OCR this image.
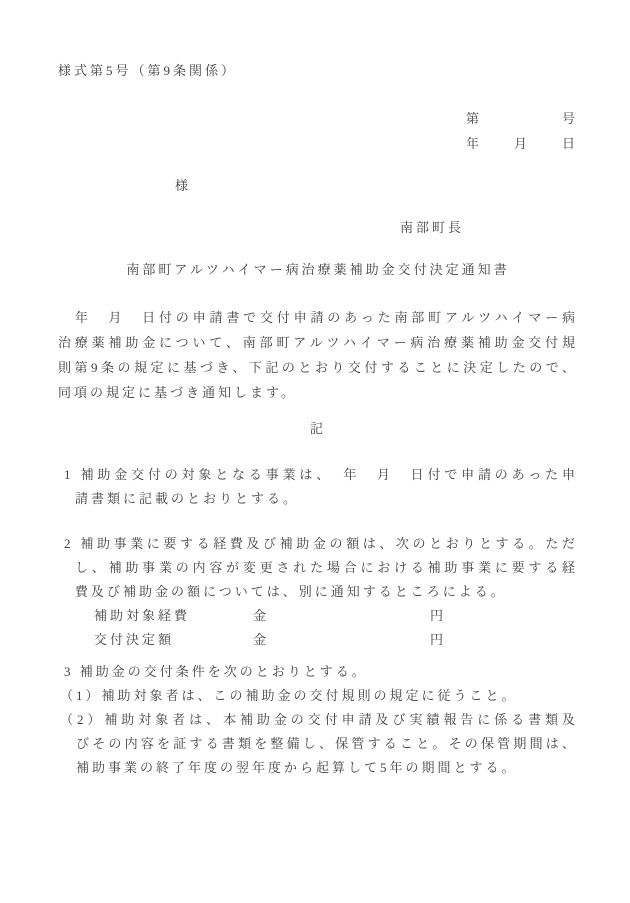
様式第5号（第9条関係）
第　　　　　号
年　　月　　日
様
南部町長
南部町アルツハイマー病治療薬補助金交付決定通知書
　年　月　日付の申請書で交付申請のあった南部町アルツハイマー病
治療薬補助金について、南部町アルツハイマー病治療薬補助金交付規
則第9条の規定に基づき、下記のとおり交付することに決定したので、
同項の規定に基づき通知します。
記
1 補助金交付の対象となる事業は、　年　月　日付で申請のあった申
請書類に記載のとおりとする。
2 補助事業に要する経費及び補助金の額は、次のとおりとする。ただ
し、補助事業の内容が変更された場合における補助事業に要する経
費及び補助金の額については、別に通知するところによる。
補助対象経費	金	円
交付決定額	金	円
3 補助金の交付条件を次のとおりとする。
（1）補助対象者は、この補助金の交付規則の規定に従うこと。
（2）補助対象者は、本補助金の交付申請及び実績報告に係る書類及
びその内容を証する書類を整備し、保管すること。その保管期間は、
補助事業の終了年度の翌年度から起算して5年の期間とする。
